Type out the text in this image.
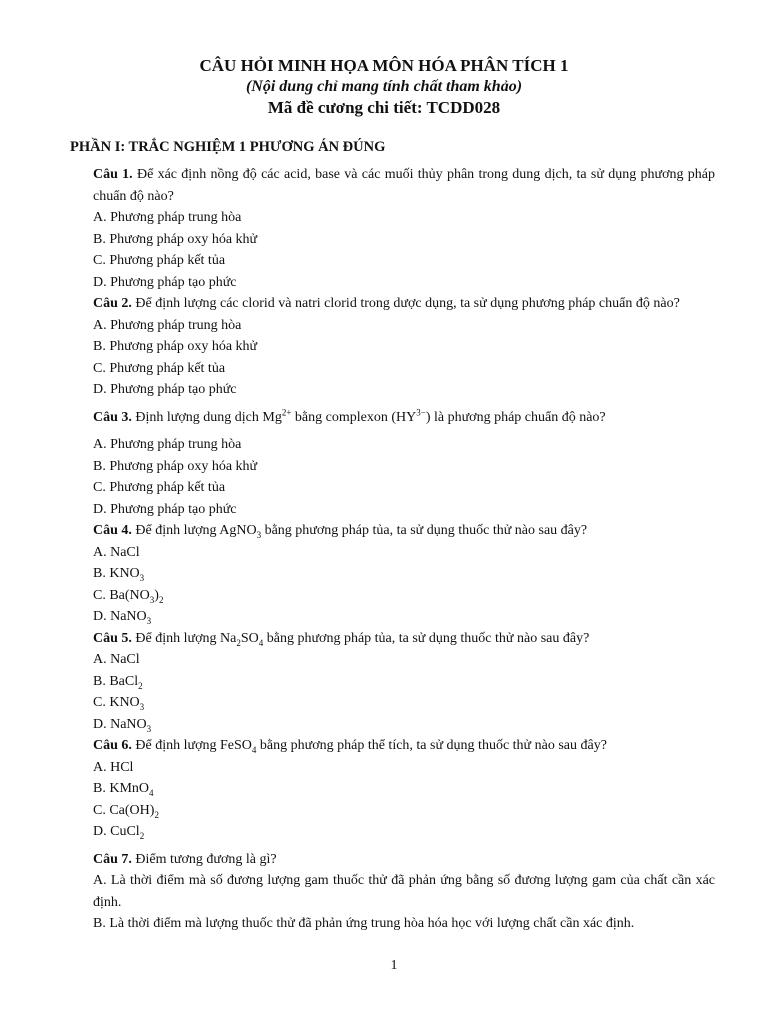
CÂU HỎI MINH HỌA MÔN HÓA PHÂN TÍCH 1
(Nội dung chỉ mang tính chất tham khảo)
Mã đề cương chi tiết: TCDD028
PHẦN I: TRẮC NGHIỆM 1 PHƯƠNG ÁN ĐÚNG

Câu 1. Để xác định nồng độ các acid, base và các muối thủy phân trong dung dịch, ta sử dụng phương pháp chuẩn độ nào?

A. Phương pháp trung hòa

B. Phương pháp oxy hóa khử

C. Phương pháp kết tủa

D. Phương pháp tạo phức

Câu 2. Để định lượng các clorid và natri clorid trong dược dụng, ta sử dụng phương pháp chuẩn độ nào?

A. Phương pháp trung hòa

B. Phương pháp oxy hóa khử

C. Phương pháp kết tủa

D. Phương pháp tạo phức

Câu 3. Định lượng dung dịch $Mg^{2+}$ bằng complexon $(HY^{3-})$ là phương pháp chuẩn độ nào?

A. Phương pháp trung hòa

B. Phương pháp oxy hóa khử

C. Phương pháp kết tủa

D. Phương pháp tạo phức

Câu 4. Để định lượng AgNO$_3$ bằng phương pháp tủa, ta sử dụng thuốc thử nào sau đây?

A. NaCl

B. $KNO_3$

C. $Ba(NO_3)_2$

D. NaNO$_3$

Câu 5. Để định lượng $Na_2SO_4$ bằng phương pháp tủa, ta sử dụng thuốc thử nào sau đây?

A. NaCl

B. BaCl$_2$

C. $KNO_3$

D. NaNO$_3$

Câu 6. Để định lượng FeSO$_4$ bằng phương pháp thể tích, ta sử dụng thuốc thử nào sau đây?

A. HCl

B. KMnO$_4$

C. $Ca(OH)_2$

D. CuCl$_2$

Câu 7. Điểm tương đương là gì?

A. Là thời điểm mà số đương lượng gam thuốc thử đã phản ứng bằng số đương lượng gam của chất cần xác định.

B. Là thời điểm mà lượng thuốc thử đã phản ứng trung hòa hóa học với lượng chất cần xác định.

1
